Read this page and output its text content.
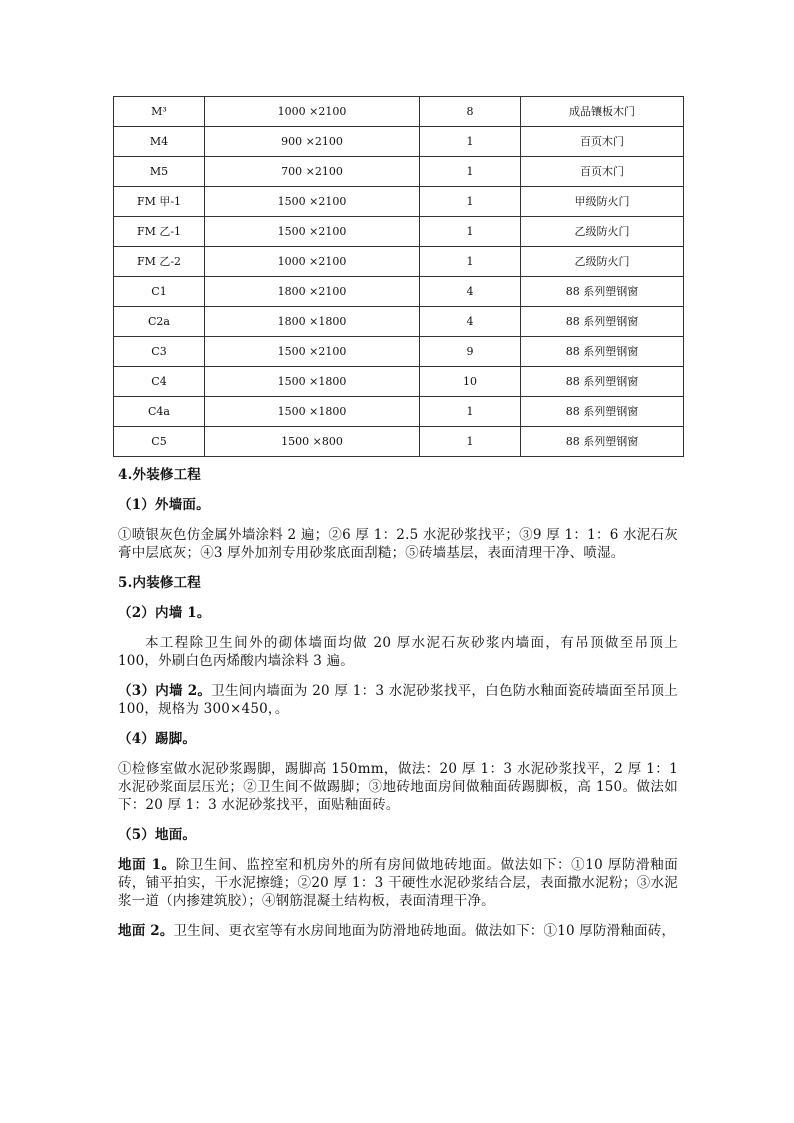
M³	1000 ×2100	8	成品镶板木门
M4	900 ×2100	1	百页木门
M5	700 ×2100	1	百页木门
FM 甲-1	1500 ×2100	1	甲级防火门
FM 乙-1	1500 ×2100	1	乙级防火门
FM 乙-2	1000 ×2100	1	乙级防火门
C1	1800 ×2100	4	88 系列塑钢窗
C2a	1800 ×1800	4	88 系列塑钢窗
C3	1500 ×2100	9	88 系列塑钢窗
C4	1500 ×1800	10	88 系列塑钢窗
C4a	1500 ×1800	1	88 系列塑钢窗
C5	1500 ×800	1	88 系列塑钢窗

4.外装修工程

（1）外墙面。

①喷银灰色仿金属外墙涂料 2 遍；②6 厚 1：2.5 水泥砂浆找平；③9 厚 1：1：6 水泥石灰膏中层底灰；④3 厚外加剂专用砂浆底面刮糙；⑤砖墙基层，表面清理干净、喷湿。

5.内装修工程

（2）内墙 1。

本工程除卫生间外的砌体墙面均做 20 厚水泥石灰砂浆内墙面，有吊顶做至吊顶上 100，外刷白色丙烯酸内墙涂料 3 遍。

（3）内墙 2。卫生间内墙面为 20 厚 1：3 水泥砂浆找平，白色防水釉面瓷砖墙面至吊顶上 100，规格为 300×450，。

（4）踢脚。

①检修室做水泥砂浆踢脚，踢脚高 150mm，做法：20 厚 1：3 水泥砂浆找平，2 厚 1：1 水泥砂浆面层压光；②卫生间不做踢脚；③地砖地面房间做釉面砖踢脚板，高 150。做法如下：20 厚 1：3 水泥砂浆找平，面贴釉面砖。

（5）地面。

地面 1。除卫生间、监控室和机房外的所有房间做地砖地面。做法如下：①10 厚防滑釉面砖，铺平拍实，干水泥擦缝；②20 厚 1：3 干硬性水泥砂浆结合层，表面撒水泥粉；③水泥浆一道（内掺建筑胶）；④钢筋混凝土结构板，表面清理干净。

地面 2。卫生间、更衣室等有水房间地面为防滑地砖地面。做法如下：①10 厚防滑釉面砖，
